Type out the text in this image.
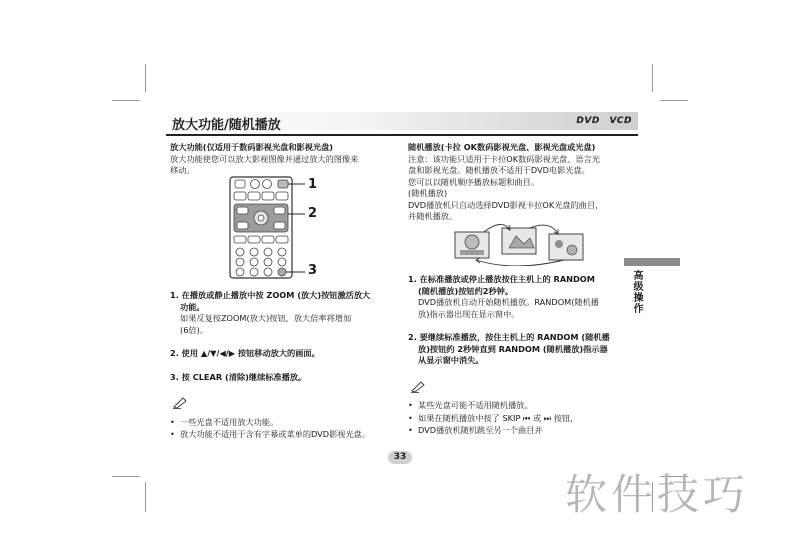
放大功能/随机播放	DVD VCD

放大功能(仅适用于数码影视光盘和影视光盘)

放大功能使您可以放大影视图像并通过放大的图像来

移动。

1
2
3

1. 在播放或静止播放中按 ZOOM (放大)按钮激活放大

功能。

如果反复按ZOOM(放大)按钮，放大倍率将增加

(6倍)。

2. 使用 ▲/▼/◀/▶ 按钮移动放大的画面。

3. 按 CLEAR (清除)继续标准播放。

• 一些光盘不适用放大功能。
• 放大功能不适用于含有字幕或菜单的DVD影视光盘。

随机播放(卡拉 OK数码影视光盘、影视光盘或光盘)

注意：该功能只适用于卡拉OK数码影视光盘、语言光

盘和影视光盘。随机播放不适用于DVD电影光盘。

您可以以随机顺序播放标题和曲目。

(随机播放)

DVD播放机只自动选择DVD影视卡拉OK光盘的曲目，

并随机播放。

1. 在标准播放或停止播放按住主机上的 RANDOM

(随机播放)按钮约2秒钟。

DVD播放机自动开始随机播放。RANDOM(随机播

放)指示器出现在显示窗中。

2. 要继续标准播放，按住主机上的 RANDOM (随机播

放)按钮约 2秒钟直到 RANDOM (随机播放)指示器

从显示窗中消失。

• 某些光盘可能不适用随机播放。
• 如果在随机播放中按了 SKIP ⏮ 或 ⏭ 按钮，
• DVD播放机随机跳至另一个曲目并
高级操作
33
软件技巧
